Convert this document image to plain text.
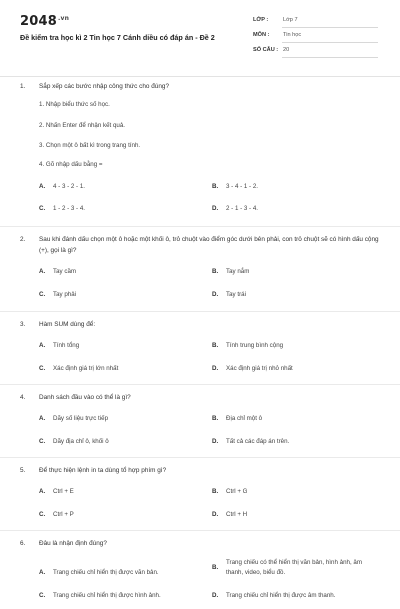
$2048^{.vn}$
Đề kiểm tra học kì 2 Tin học 7 Cánh diều có đáp án - Đề 2
LỚP :	Lớp 7
MÔN : Tin học
SỐ CÂU : 20
1. Sắp xếp các bước nhập công thức cho đúng?
1. Nhập biểu thức số học.
2. Nhấn Enter để nhận kết quả.
3. Chọn một ô bất kì trong trang tính.
4. Gõ nhập dấu bằng =
A. 4 - 3 - 2 - 1.	B. 3 - 4 - 1 - 2.
C. 1 - 2 - 3 - 4.	D. 2 - 1 - 3 - 4.
2. Sau khi đánh dấu chọn một ô hoặc một khối ô, trỏ chuột vào điểm góc dưới bên phải, con trỏ chuột sẽ có hình dấu cộng (+), gọi là gì?
A. Tay cầm	B. Tay nắm
C. Tay phải	D. Tay trái
3. Hàm SUM dùng để:
A. Tính tổng	B. Tính trung bình cộng
C. Xác định giá trị lớn nhất	D. Xác định giá trị nhỏ nhất
4. Danh sách đầu vào có thể là gì?
A. Dãy số liệu trực tiếp	B. Địa chỉ một ô
C. Dãy địa chỉ ô, khối ô	D. Tất cả các đáp án trên.
5. Để thực hiện lệnh in ta dùng tổ hợp phím gì?
A. Ctrl + E	B. Ctrl + G
C. Ctrl + P	D. Ctrl + H
6. Đâu là nhận định đúng?
A. Trang chiếu chỉ hiển thị được văn bản.
B.
Trang chiếu có thể hiển thị văn bản, hình ảnh, âm thanh, video, biểu đồ.
C. Trang chiếu chỉ hiển thị được hình ảnh.	D. Trang chiếu chỉ hiển thị được âm thanh.
